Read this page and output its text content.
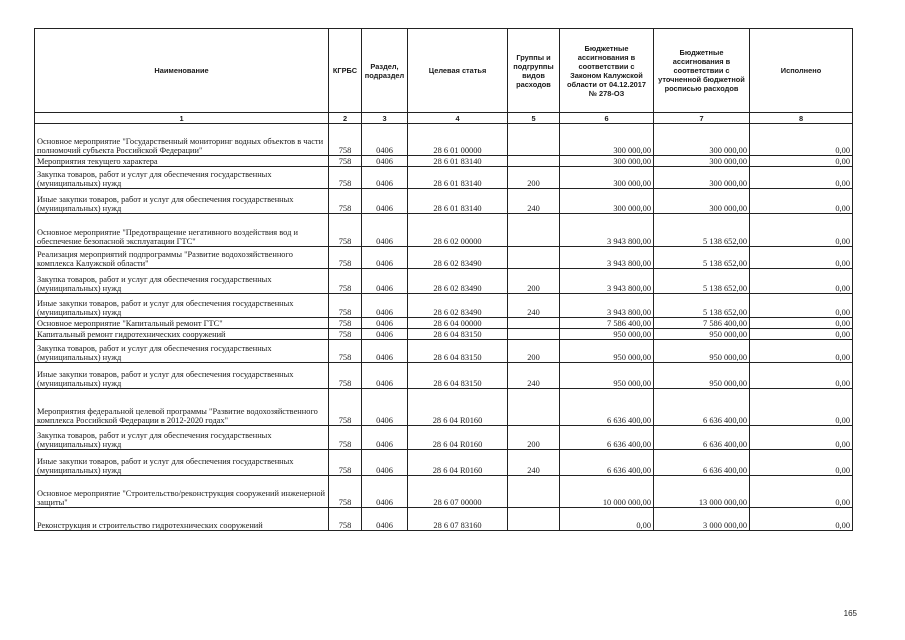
Наименование	КГРБС	Раздел, подраздел	Целевая статья	Группы и подгруппы видов расходов	Бюджетные ассигнования в соответствии с Законом Калужской области от 04.12.2017 № 278-ОЗ	Бюджетные ассигнования в соответствии с уточненной бюджетной росписью расходов	Исполнено
1	2	3	4	5	6	7	8
Основное мероприятие "Государственный мониторинг водных объектов в части полномочий субъекта Российской Федерации"	758	0406	28 6 01 00000		300 000,00	300 000,00	0,00
Мероприятия текущего характера	758	0406	28 6 01 83140		300 000,00	300 000,00	0,00
Закупка товаров, работ и услуг для обеспечения государственных (муниципальных) нужд	758	0406	28 6 01 83140	200	300 000,00	300 000,00	0,00
Иные закупки товаров, работ и услуг для обеспечения государственных (муниципальных) нужд	758	0406	28 6 01 83140	240	300 000,00	300 000,00	0,00
Основное мероприятие "Предотвращение негативного воздействия вод и обеспечение безопасной эксплуатации ГТС"	758	0406	28 6 02 00000		3 943 800,00	5 138 652,00	0,00
Реализация мероприятий подпрограммы "Развитие водохозяйственного комплекса Калужской области"	758	0406	28 6 02 83490		3 943 800,00	5 138 652,00	0,00
Закупка товаров, работ и услуг для обеспечения государственных (муниципальных) нужд	758	0406	28 6 02 83490	200	3 943 800,00	5 138 652,00	0,00
Иные закупки товаров, работ и услуг для обеспечения государственных (муниципальных) нужд	758	0406	28 6 02 83490	240	3 943 800,00	5 138 652,00	0,00
Основное мероприятие "Капитальный ремонт ГТС"	758	0406	28 6 04 00000		7 586 400,00	7 586 400,00	0,00
Капитальный ремонт гидротехнических сооружений	758	0406	28 6 04 83150		950 000,00	950 000,00	0,00
Закупка товаров, работ и услуг для обеспечения государственных (муниципальных) нужд	758	0406	28 6 04 83150	200	950 000,00	950 000,00	0,00
Иные закупки товаров, работ и услуг для обеспечения государственных (муниципальных) нужд	758	0406	28 6 04 83150	240	950 000,00	950 000,00	0,00
Мероприятия федеральной целевой программы "Развитие водохозяйственного комплекса Российской Федерации в 2012-2020 годах"	758	0406	28 6 04 R0160		6 636 400,00	6 636 400,00	0,00
Закупка товаров, работ и услуг для обеспечения государственных (муниципальных) нужд	758	0406	28 6 04 R0160	200	6 636 400,00	6 636 400,00	0,00
Иные закупки товаров, работ и услуг для обеспечения государственных (муниципальных) нужд	758	0406	28 6 04 R0160	240	6 636 400,00	6 636 400,00	0,00
Основное мероприятие "Строительство/реконструкция сооружений инженерной защиты"	758	0406	28 6 07 00000		10 000 000,00	13 000 000,00	0,00
Реконструкция и строительство гидротехнических сооружений	758	0406	28 6 07 83160		0,00	3 000 000,00	0,00
165
